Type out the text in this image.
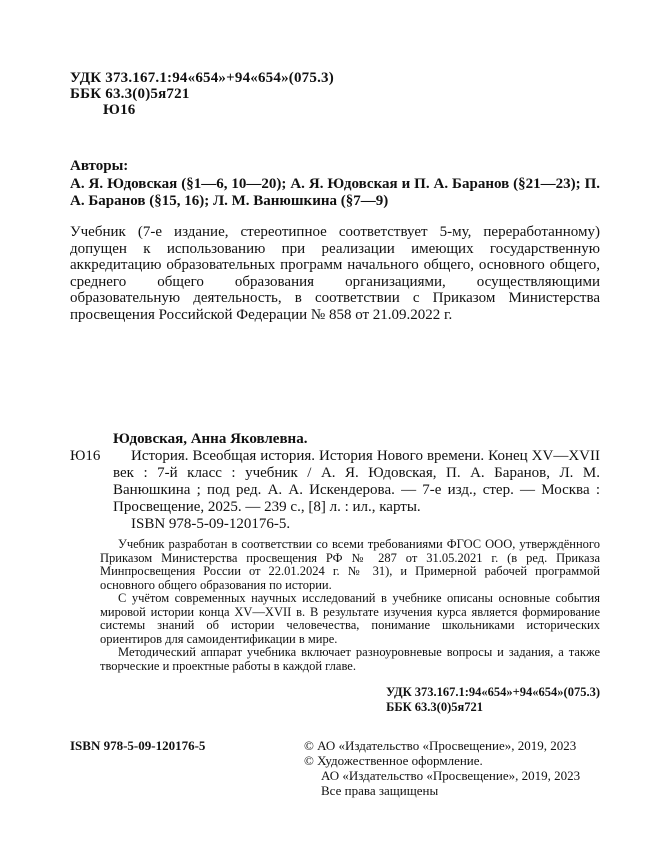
УДК 373.167.1:94«654»+94«654»(075.3)
ББК 63.3(0)5я721
Ю16
Авторы:
А. Я. Юдовская (§1—6, 10—20); А. Я. Юдовская и П. А. Баранов (§21—23); П. А. Баранов (§15, 16); Л. М. Ванюшкина (§7—9)
Учебник (7-е издание, стереотипное соответствует 5-му, переработанному) допущен к использованию при реализации имеющих государственную аккредитацию образовательных программ начального общего, основного общего, среднего общего образования организациями, осуществляющими образовательную деятельность, в соответствии с Приказом Министерства просвещения Российской Федерации № 858 от 21.09.2022 г.
Юдовская, Анна Яковлевна.
Ю16 История. Всеобщая история. История Нового времени. Конец XV—XVII век : 7-й класс : учебник / А. Я. Юдовская, П. А. Баранов, Л. М. Ванюшкина ; под ред. А. А. Искендерова. — 7-е изд., стер. — Москва : Просвещение, 2025. — 239 с., [8] л. : ил., карты.
ISBN 978-5-09-120176-5.

Учебник разработан в соответствии со всеми требованиями ФГОС ООО, утверждённого Приказом Министерства просвещения РФ № 287 от 31.05.2021 г. (в ред. Приказа Минпросвещения России от 22.01.2024 г. № 31), и Примерной рабочей программой основного общего образования по истории.

С учётом современных научных исследований в учебнике описаны основные события мировой истории конца XV—XVII в. В результате изучения курса является формирование системы знаний об истории человечества, понимание школьниками исторических ориентиров для самоидентификации в мире.

Методический аппарат учебника включает разноуровневые вопросы и задания, а также творческие и проектные работы в каждой главе.

УДК 373.167.1:94«654»+94«654»(075.3)
ББК 63.3(0)5я721
ISBN 978-5-09-120176-5	© АО «Издательство «Просвещение», 2019, 2023
© Художественное оформление.
АО «Издательство «Просвещение», 2019, 2023
Все права защищены
